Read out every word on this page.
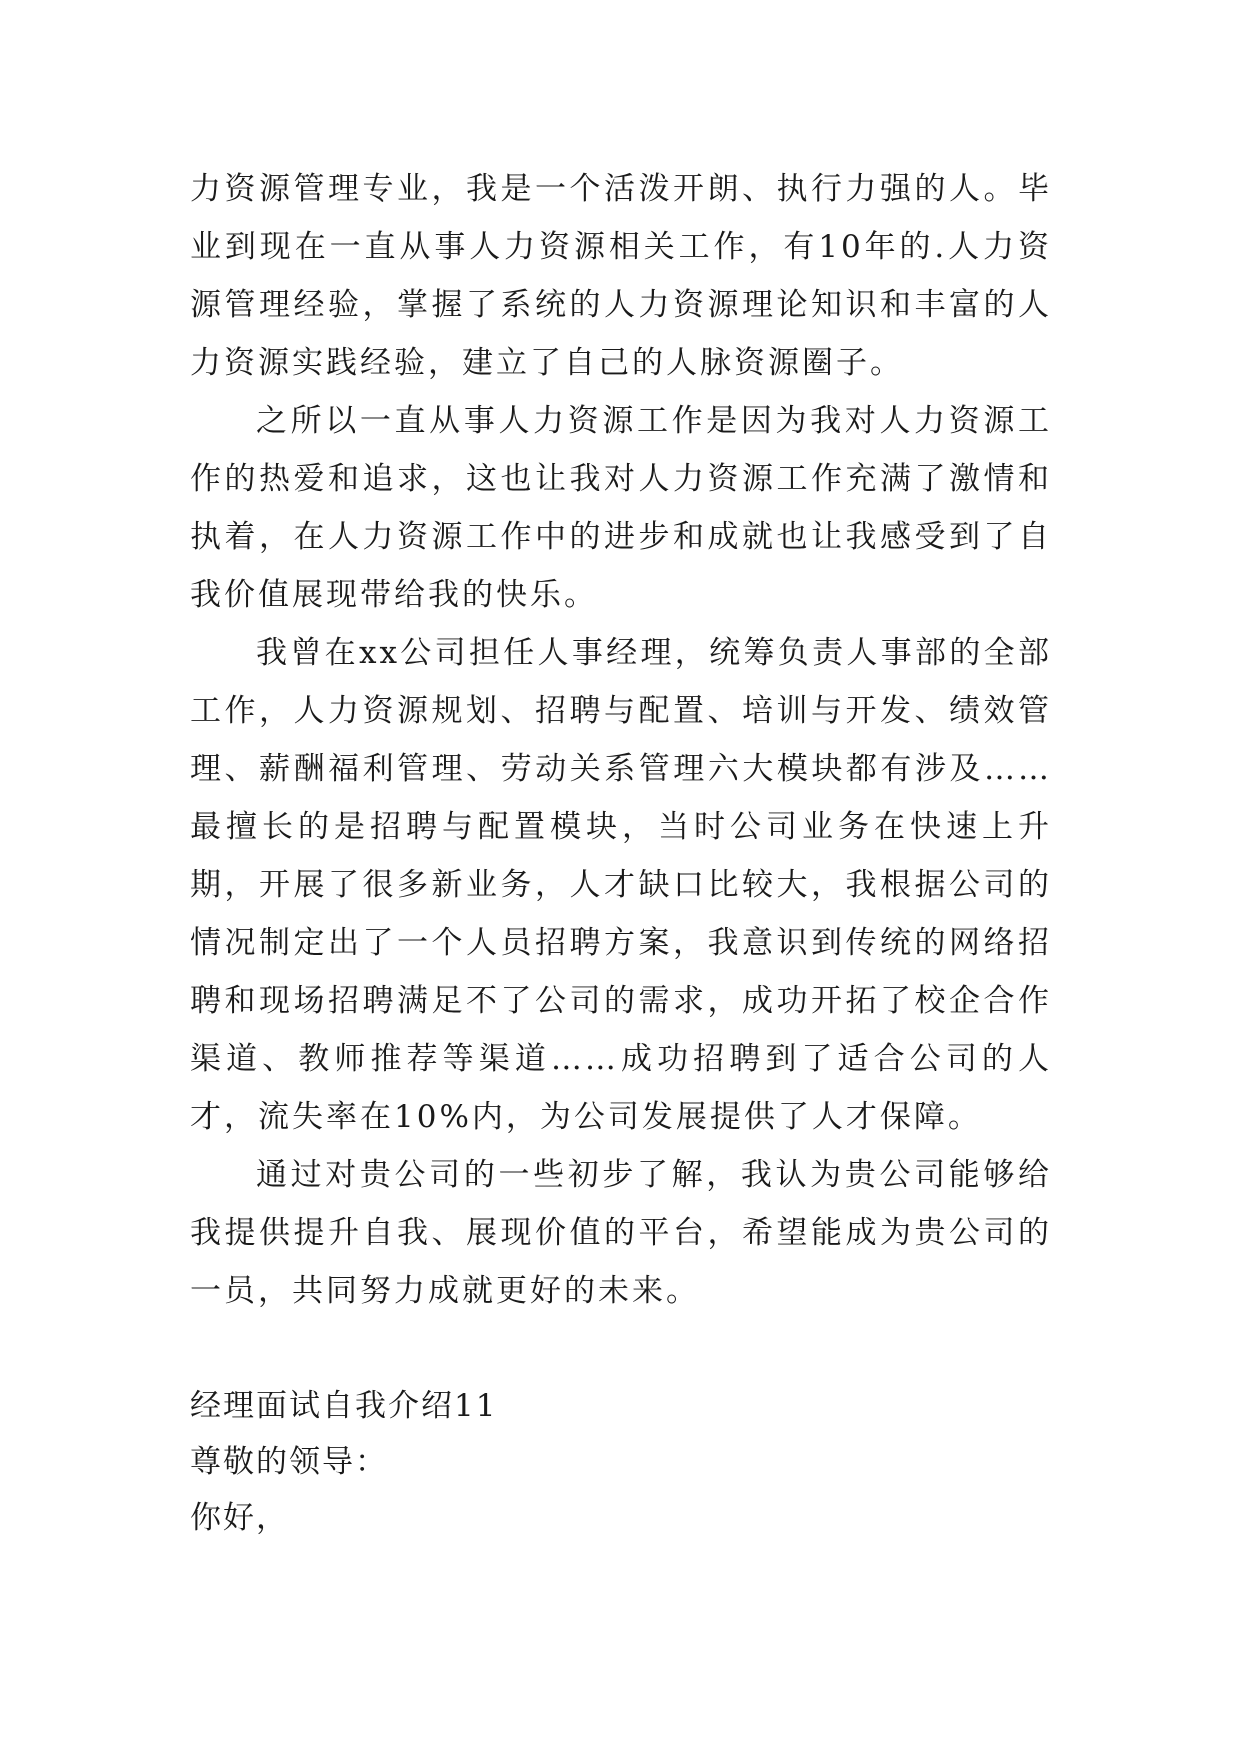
力资源管理专业，我是一个活泼开朗、执行力强的人。毕业到现在一直从事人力资源相关工作，有10年的.人力资源管理经验，掌握了系统的人力资源理论知识和丰富的人力资源实践经验，建立了自己的人脉资源圈子。

之所以一直从事人力资源工作是因为我对人力资源工作的热爱和追求，这也让我对人力资源工作充满了激情和执着，在人力资源工作中的进步和成就也让我感受到了自我价值展现带给我的快乐。

我曾在xx公司担任人事经理，统筹负责人事部的全部工作，人力资源规划、招聘与配置、培训与开发、绩效管理、薪酬福利管理、劳动关系管理六大模块都有涉及……最擅长的是招聘与配置模块，当时公司业务在快速上升期，开展了很多新业务，人才缺口比较大，我根据公司的情况制定出了一个人员招聘方案，我意识到传统的网络招聘和现场招聘满足不了公司的需求，成功开拓了校企合作渠道、教师推荐等渠道……成功招聘到了适合公司的人才，流失率在10%内，为公司发展提供了人才保障。

通过对贵公司的一些初步了解，我认为贵公司能够给我提供提升自我、展现价值的平台，希望能成为贵公司的一员，共同努力成就更好的未来。

经理面试自我介绍11

尊敬的领导：

你好，
